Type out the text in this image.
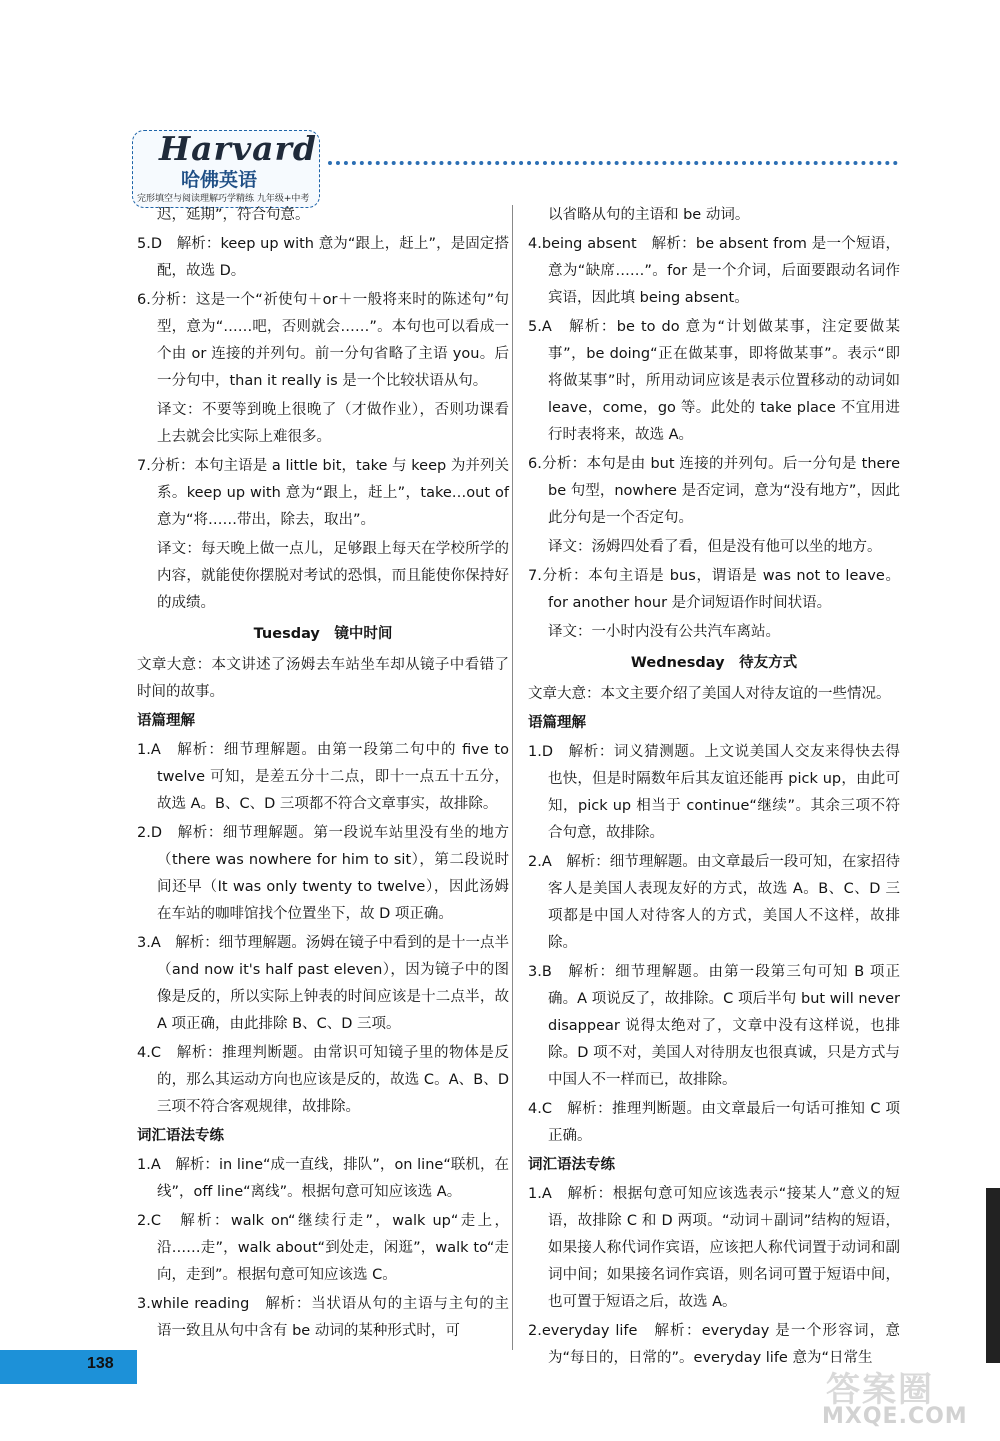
Harvard
哈佛英语
完形填空与阅读理解巧学精练 九年级+中考
迟，延期”，符合句意。
5.D　解析：keep up with 意为“跟上，赶上”，是固定搭配，故选 D。
6.分析：这是一个“祈使句＋or＋一般将来时的陈述句”句型，意为“……吧，否则就会……”。本句也可以看成一个由 or 连接的并列句。前一分句省略了主语 you。后一分句中，than it really is 是一个比较状语从句。
译文：不要等到晚上很晚了（才做作业），否则功课看上去就会比实际上难很多。
7.分析：本句主语是 a little bit，take 与 keep 为并列关系。keep up with 意为“跟上，赶上”，take…out of 意为“将……带出，除去，取出”。
译文：每天晚上做一点儿，足够跟上每天在学校所学的内容，就能使你摆脱对考试的恐惧，而且能使你保持好的成绩。
Tuesday　镜中时间
文章大意：本文讲述了汤姆去车站坐车却从镜子中看错了时间的故事。
语篇理解
1.A　解析：细节理解题。由第一段第二句中的 five to twelve 可知，是差五分十二点，即十一点五十五分，故选 A。B、C、D 三项都不符合文章事实，故排除。
2.D　解析：细节理解题。第一段说车站里没有坐的地方（there was nowhere for him to sit），第二段说时间还早（It was only twenty to twelve），因此汤姆在车站的咖啡馆找个位置坐下，故 D 项正确。
3.A　解析：细节理解题。汤姆在镜子中看到的是十一点半（and now it's half past eleven），因为镜子中的图像是反的，所以实际上钟表的时间应该是十二点半，故 A 项正确，由此排除 B、C、D 三项。
4.C　解析：推理判断题。由常识可知镜子里的物体是反的，那么其运动方向也应该是反的，故选 C。A、B、D 三项不符合客观规律，故排除。
词汇语法专练
1.A　解析：in line“成一直线，排队”，on line“联机，在线”，off line“离线”。根据句意可知应该选 A。
2.C　解析：walk on“继续行走”，walk up“走上，沿……走”，walk about“到处走，闲逛”，walk to“走向，走到”。根据句意可知应该选 C。
3.while reading　解析：当状语从句的主语与主句的主语一致且从句中含有 be 动词的某种形式时，可
以省略从句的主语和 be 动词。
4.being absent　解析：be absent from 是一个短语，意为“缺席……”。for 是一个介词，后面要跟动名词作宾语，因此填 being absent。
5.A　解析：be to do 意为“计划做某事，注定要做某事”，be doing“正在做某事，即将做某事”。表示“即将做某事”时，所用动词应该是表示位置移动的动词如 leave，come，go 等。此处的 take place 不宜用进行时表将来，故选 A。
6.分析：本句是由 but 连接的并列句。后一分句是 there be 句型，nowhere 是否定词，意为“没有地方”，因此此分句是一个否定句。
译文：汤姆四处看了看，但是没有他可以坐的地方。
7.分析：本句主语是 bus，谓语是 was not to leave。for another hour 是介词短语作时间状语。
译文：一小时内没有公共汽车离站。
Wednesday　待友方式
文章大意：本文主要介绍了美国人对待友谊的一些情况。
语篇理解
1.D　解析：词义猜测题。上文说美国人交友来得快去得也快，但是时隔数年后其友谊还能再 pick up，由此可知，pick up 相当于 continue“继续”。其余三项不符合句意，故排除。
2.A　解析：细节理解题。由文章最后一段可知，在家招待客人是美国人表现友好的方式，故选 A。B、C、D 三项都是中国人对待客人的方式，美国人不这样，故排除。
3.B　解析：细节理解题。由第一段第三句可知 B 项正确。A 项说反了，故排除。C 项后半句 but will never disappear 说得太绝对了，文章中没有这样说，也排除。D 项不对，美国人对待朋友也很真诚，只是方式与中国人不一样而已，故排除。
4.C　解析：推理判断题。由文章最后一句话可推知 C 项正确。
词汇语法专练
1.A　解析：根据句意可知应该选表示“接某人”意义的短语，故排除 C 和 D 两项。“动词＋副词”结构的短语，如果接人称代词作宾语，应该把人称代词置于动词和副词中间；如果接名词作宾语，则名词可置于短语中间，也可置于短语之后，故选 A。
2.everyday life　解析：everyday 是一个形容词，意为“每日的，日常的”。everyday life 意为“日常生
138
答案圈
MXQE.COM
